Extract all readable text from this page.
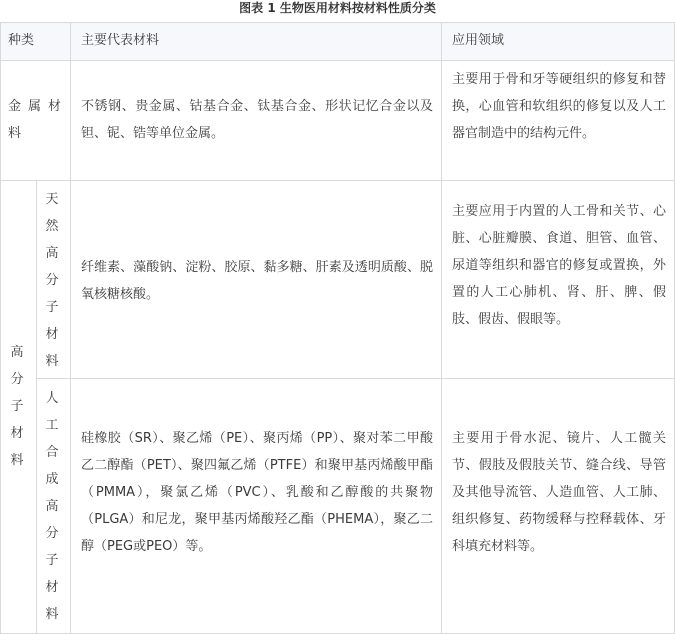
图表 1 生物医用材料按材料性质分类
种类	主要代表材料	应用领域
金属材料
不锈钢、贵金属、钴基合金、钛基合金、形状记忆合金以及钽、铌、锆等单位金属。
主要用于骨和牙等硬组织的修复和替换，心血管和软组织的修复以及人工器官制造中的结构元件。
高分子材料
天然高分子材料
纤维素、藻酸钠、淀粉、胶原、黏多糖、肝素及透明质酸、脱氧核糖核酸。
主要应用于内置的人工骨和关节、心脏、心脏瓣膜、食道、胆管、血管、尿道等组织和器官的修复或置换，外置的人工心肺机、肾、肝、脾、假肢、假齿、假眼等。
人工合成高分子材料
硅橡胶（SR）、聚乙烯（PE）、聚丙烯（PP）、聚对苯二甲酸乙二醇酯（PET）、聚四氟乙烯（PTFE）和聚甲基丙烯酸甲酯（PMMA），聚氯乙烯（PVC）、乳酸和乙醇酸的共聚物（PLGA）和尼龙，聚甲基丙烯酸羟乙酯（PHEMA），聚乙二醇（PEG或PEO）等。
主要用于骨水泥、镜片、人工髋关节、假肢及假肢关节、缝合线、导管及其他导流管、人造血管、人工肺、组织修复、药物缓释与控释载体、牙科填充材料等。
